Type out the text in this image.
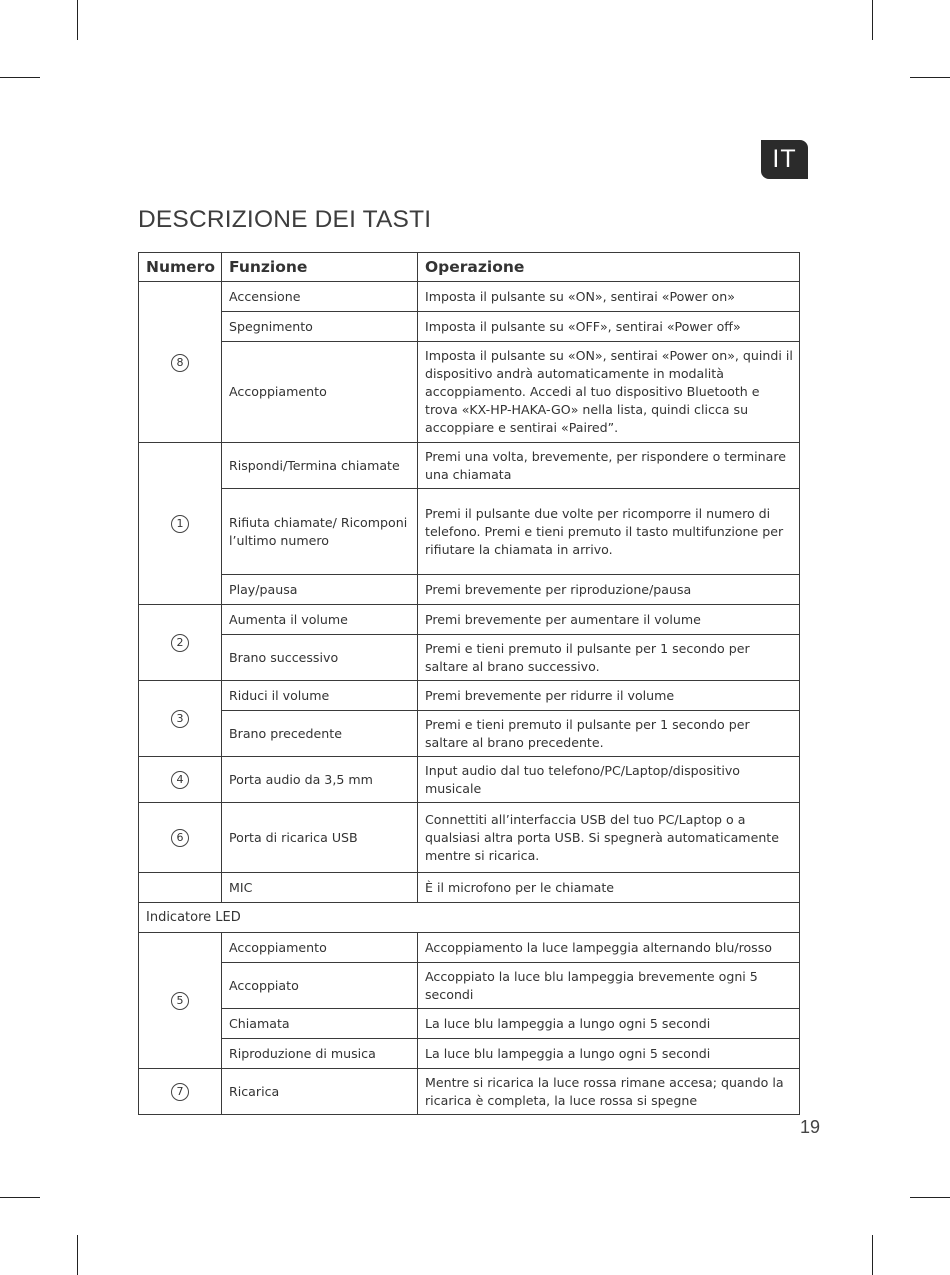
IT
DESCRIZIONE DEI TASTI
Numero	Funzione	Operazione
8	Accensione	Imposta il pulsante su «ON», sentirai «Power on»
	Spegnimento	Imposta il pulsante su «OFF», sentirai «Power off»
	Accoppiamento	Imposta il pulsante su «ON», sentirai «Power on», quindi il dispositivo andrà automaticamente in modalità accoppiamento. Accedi al tuo dispositivo Bluetooth e trova «KX-HP-HAKA-GO» nella lista, quindi clicca su accoppiare e sentirai «Paired”.
1	Rispondi/Termina chiamate	Premi una volta, brevemente, per rispondere o terminare una chiamata
	Rifiuta chiamate/ Ricomponi l’ultimo numero	Premi il pulsante due volte per ricomporre il numero di telefono. Premi e tieni premuto il tasto multifunzione per rifiutare la chiamata in arrivo.
	Play/pausa	Premi brevemente per riproduzione/pausa
2	Aumenta il volume	Premi brevemente per aumentare il volume
	Brano successivo	Premi e tieni premuto il pulsante per 1 secondo per saltare al brano successivo.
3	Riduci il volume	Premi brevemente per ridurre il volume
	Brano precedente	Premi e tieni premuto il pulsante per 1 secondo per saltare al brano precedente.
4	Porta audio da 3,5 mm	Input audio dal tuo telefono/PC/Laptop/dispositivo musicale
6	Porta di ricarica USB	Connettiti all’interfaccia USB del tuo PC/Laptop o a qualsiasi altra porta USB. Si spegnerà automaticamente mentre si ricarica.
	MIC	È il microfono per le chiamate
Indicatore LED		
5	Accoppiamento	Accoppiamento la luce lampeggia alternando blu/rosso
	Accoppiato	Accoppiato la luce blu lampeggia brevemente ogni 5 secondi
	Chiamata	La luce blu lampeggia a lungo ogni 5 secondi
	Riproduzione di musica	La luce blu lampeggia a lungo ogni 5 secondi
7	Ricarica	Mentre si ricarica la luce rossa rimane accesa; quando la ricarica è completa, la luce rossa si spegne
19
